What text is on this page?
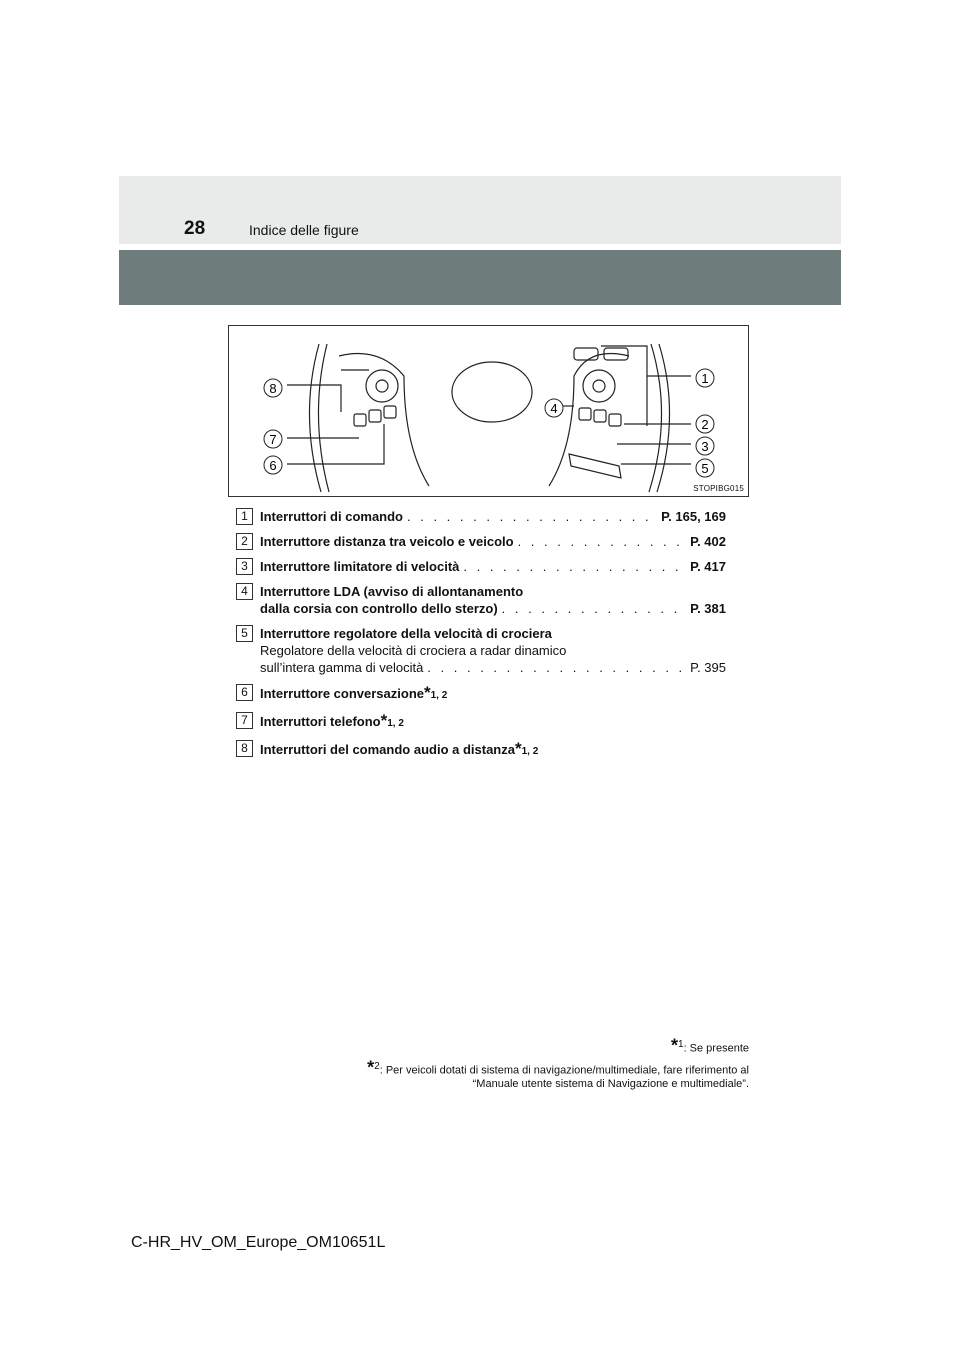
28	Indice delle figure
8
7
6
4
1
2
3
5
STOPIBG015
1 Interruttori di comando . . .	P. 165, 169
2 Interruttore distanza tra veicolo e veicolo . . .	P. 402
3 Interruttore limitatore di velocità . . .	P. 417
4 Interruttore LDA (avviso di allontanamento
dalla corsia con controllo dello sterzo) . . .	P. 381
5 Interruttore regolatore della velocità di crociera
Regolatore della velocità di crociera a radar dinamico
sull’intera gamma di velocità . . .	P. 395
6 Interruttore conversazione $*_{1, 2}$
7 Interruttori telefono $*_{1, 2}$
8 Interruttori del comando audio a distanza $*_{1, 2}$
*$^1$: Se presente
*$^2$: Per veicoli dotati di sistema di navigazione/multimediale, fare riferimento al
“Manuale utente sistema di Navigazione e multimediale”.
C-HR_HV_OM_Europe_OM10651L
